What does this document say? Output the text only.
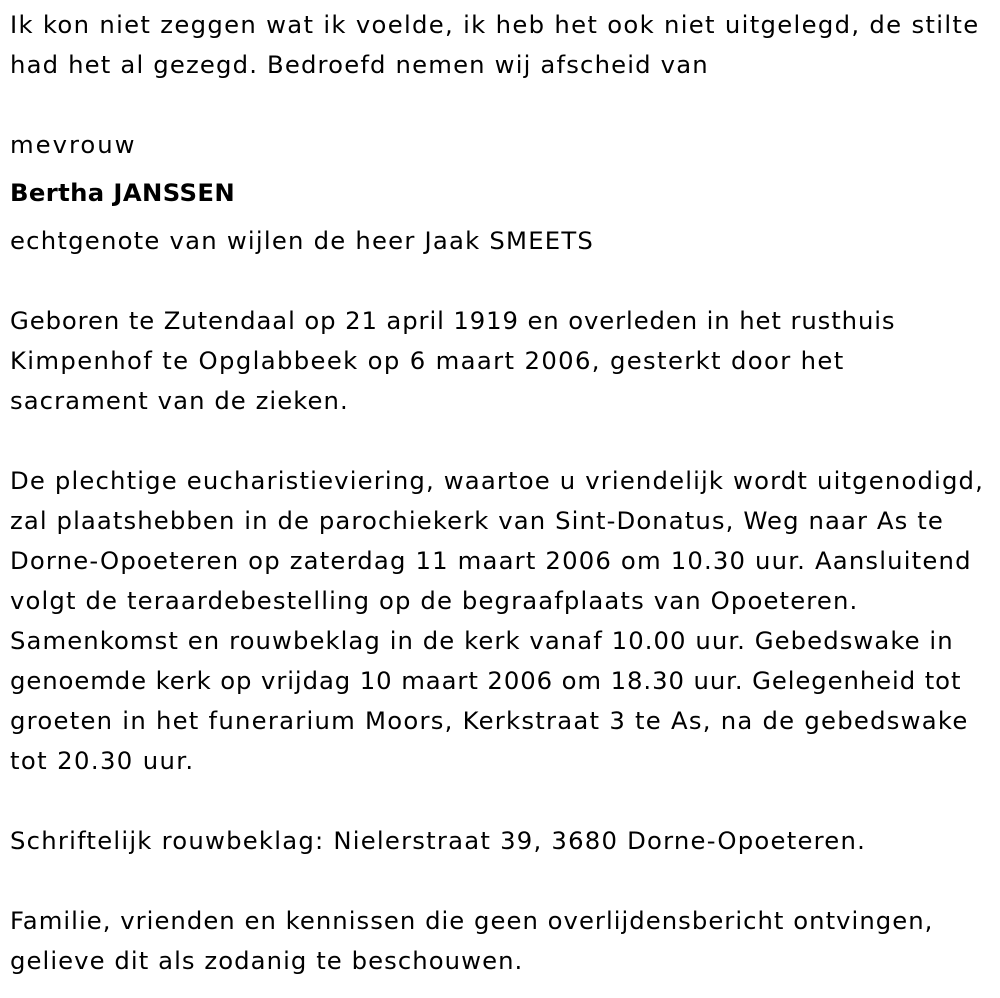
Ik kon niet zeggen wat ik voelde, ik heb het ook niet uitgelegd, de stilte
had het al gezegd. Bedroefd nemen wij afscheid van
mevrouw
Bertha JANSSEN
echtgenote van wijlen de heer Jaak SMEETS
Geboren te Zutendaal op 21 april 1919 en overleden in het rusthuis
Kimpenhof te Opglabbeek op 6 maart 2006, gesterkt door het
sacrament van de zieken.
De plechtige eucharistieviering, waartoe u vriendelijk wordt uitgenodigd,
zal plaatshebben in de parochiekerk van Sint-Donatus, Weg naar As te
Dorne-Opoeteren op zaterdag 11 maart 2006 om 10.30 uur. Aansluitend
volgt de teraardebestelling op de begraafplaats van Opoeteren.
Samenkomst en rouwbeklag in de kerk vanaf 10.00 uur. Gebedswake in
genoemde kerk op vrijdag 10 maart 2006 om 18.30 uur. Gelegenheid tot
groeten in het funerarium Moors, Kerkstraat 3 te As, na de gebedswake
tot 20.30 uur.
Schriftelijk rouwbeklag: Nielerstraat 39, 3680 Dorne-Opoeteren.
Familie, vrienden en kennissen die geen overlijdensbericht ontvingen,
gelieve dit als zodanig te beschouwen.
